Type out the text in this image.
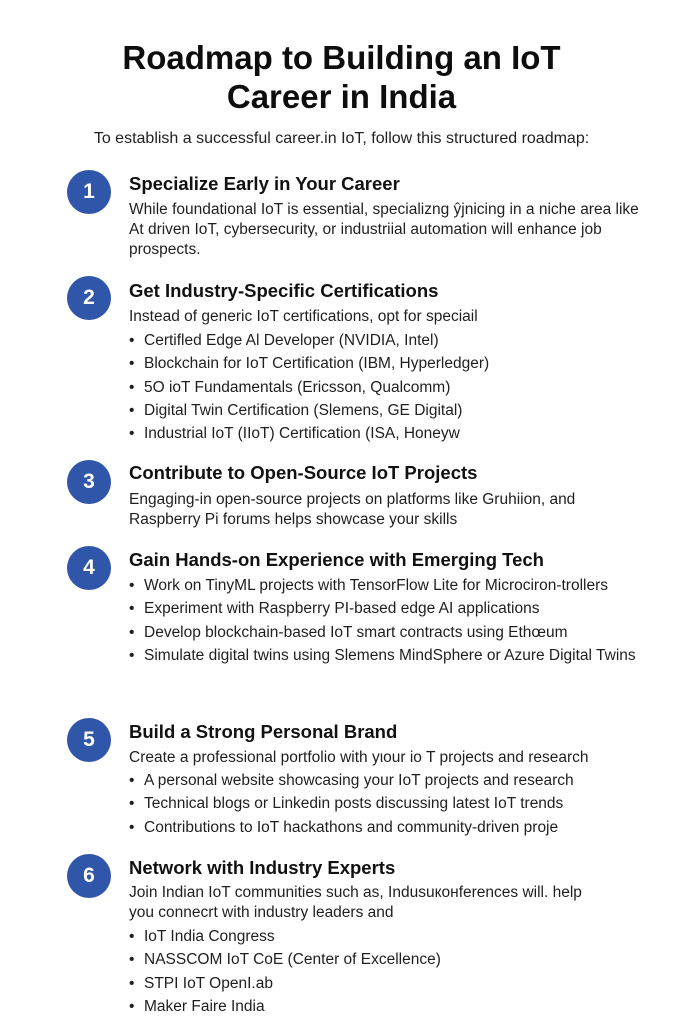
Roadmap to Building an IoT
Career in India

To establish a successful career.in IoT, follow this structured roadmap:

1	Specialize Early in Your Career

While foundational IoT is essential, specializng ŷjnicing in a niche area like At driven IoT, cybersecurity, or industriial automation will enhance job prospects.

2	Get Industry-Specific Certifications

Instead of generic IoT certifications, opt for speciail

• Certifled Edge Al Developer (NVIDIA, Intel)
• Blockchain for IoT Certification (IBM, Hyperledger)
• 5O ioT Fundamentals (Ericsson, Qualcomm)
• Digital Twin Certification (Slemens, GE Digital)
• Industrial IoT (IIoT) Certification (ISA, Honeyw
3	Contribute to Open-Source IoT Projects

Engaging-in open-source projects on platforms like Gruhiion, and Raspberry Pi forums helps showcase your skills

4	Gain Hands-on Experience with Emerging Tech
• Work on TinyML projects with TensorFlow Lite for Microciron-trollers
• Experiment with Raspberry PI-based edge AI applications
• Develop blockchain-based IoT smart contracts using Ethœum
• Simulate digital twins using Slemens MindSphere or Azure Digital Twins
5	Build a Strong Personal Brand

Create a professional portfolio with yιour io T projects and research

• A personal website showcasing your IoT projects and research
• Technical blogs or Linkedin posts discussing latest IoT trends
• Contributions to IoT hackathons and community-driven proje
6	Network with Industry Experts

Join Indian IoT communities such as, Indusuконferences will. help you connecrt with industry leaders and

• IoT India Congress
• NASSCOM IoT CoE (Center of Excellence)
• STPI IoT OpenI.ab
• Maker Faire India
